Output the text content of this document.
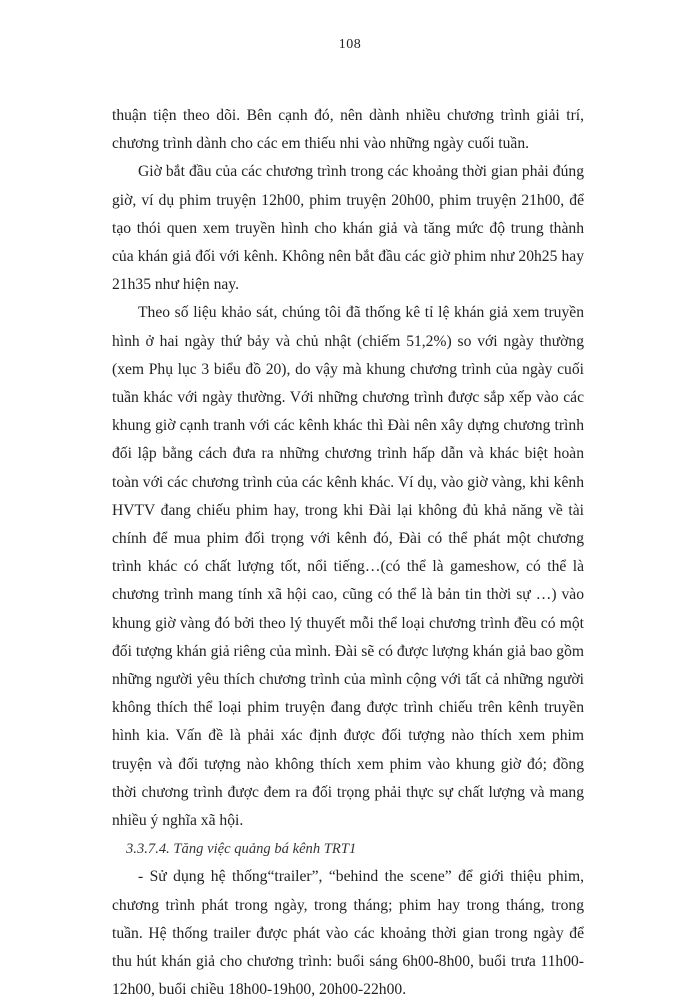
108

thuận tiện theo dõi. Bên cạnh đó, nên dành nhiều chương trình giải trí, chương trình dành cho các em thiếu nhi vào những ngày cuối tuần.

Giờ bắt đầu của các chương trình trong các khoảng thời gian phải đúng giờ, ví dụ phim truyện 12h00, phim truyện 20h00, phim truyện 21h00, để tạo thói quen xem truyền hình cho khán giả và tăng mức độ trung thành của khán giả đối với kênh. Không nên bắt đầu các giờ phim như 20h25 hay 21h35 như hiện nay.

Theo số liệu khảo sát, chúng tôi đã thống kê tỉ lệ khán giả xem truyền hình ở hai ngày thứ bảy và chủ nhật (chiếm 51,2%) so với ngày thường (xem Phụ lục 3 biểu đồ 20), do vậy mà khung chương trình của ngày cuối tuần khác với ngày thường. Với những chương trình được sắp xếp vào các khung giờ cạnh tranh với các kênh khác thì Đài nên xây dựng chương trình đối lập bằng cách đưa ra những chương trình hấp dẫn và khác biệt hoàn toàn với các chương trình của các kênh khác. Ví dụ, vào giờ vàng, khi kênh HVTV đang chiếu phim hay, trong khi Đài lại không đủ khả năng về tài chính để mua phim đối trọng với kênh đó, Đài có thể phát một chương trình khác có chất lượng tốt, nổi tiếng…(có thể là gameshow, có thể là chương trình mang tính xã hội cao, cũng có thể là bản tin thời sự …) vào khung giờ vàng đó bởi theo lý thuyết mỗi thể loại chương trình đều có một đối tượng khán giả riêng của mình. Đài sẽ có được lượng khán giả bao gồm những người yêu thích chương trình của mình cộng với tất cả những người không thích thể loại phim truyện đang được trình chiếu trên kênh truyền hình kia. Vấn đề là phải xác định được đối tượng nào thích xem phim truyện và đối tượng nào không thích xem phim vào khung giờ đó; đồng thời chương trình được đem ra đối trọng phải thực sự chất lượng và mang nhiều ý nghĩa xã hội.

3.3.7.4. Tăng việc quảng bá kênh TRT1

- Sử dụng hệ thống“trailer”, “behind the scene” để giới thiệu phim, chương trình phát trong ngày, trong tháng; phim hay trong tháng, trong tuần. Hệ thống trailer được phát vào các khoảng thời gian trong ngày để thu hút khán giả cho chương trình: buổi sáng 6h00-8h00, buổi trưa 11h00-12h00, buổi chiều 18h00-19h00, 20h00-22h00.
